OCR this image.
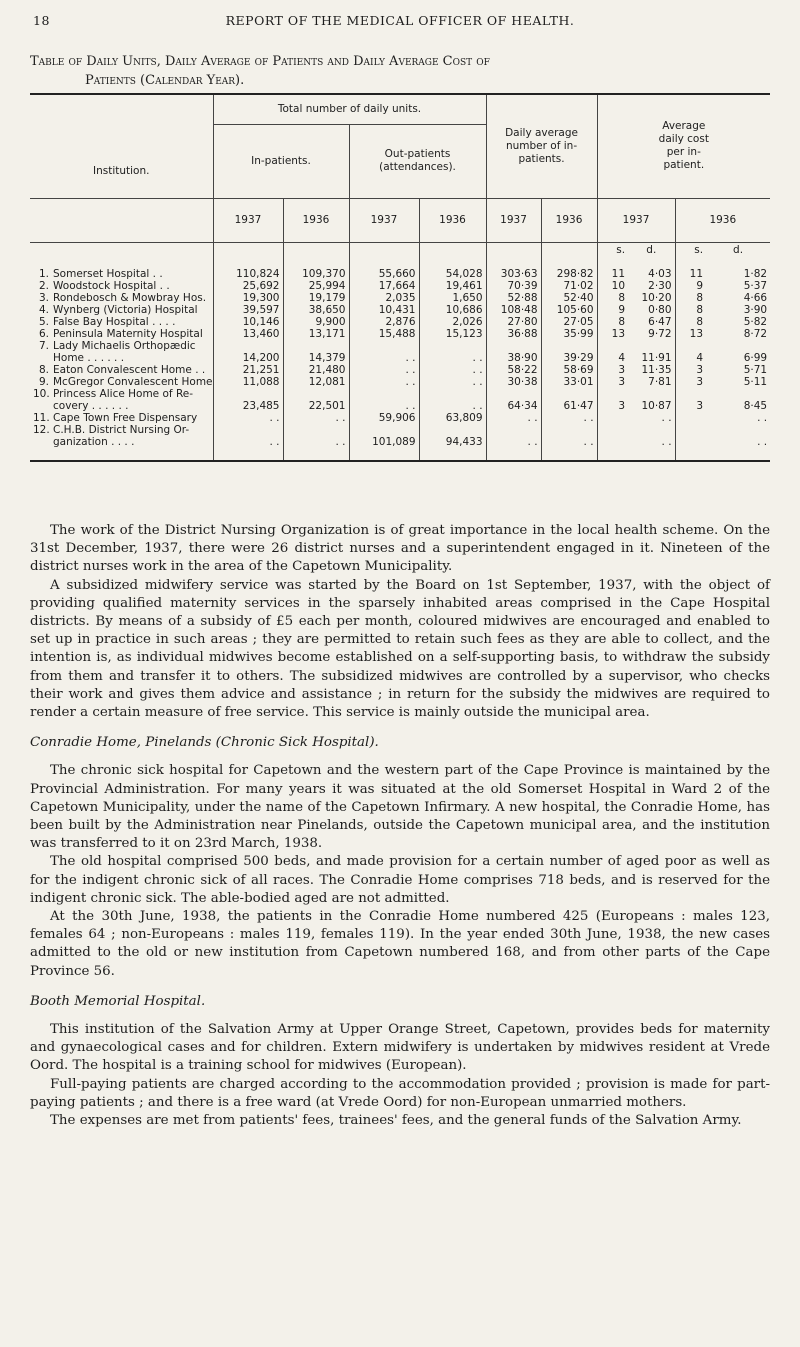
18	REPORT OF THE MEDICAL OFFICER OF HEALTH.
Table of Daily Units, Daily Average of Patients and Daily Average Cost of
Patients (Calendar Year).
Institution.	Total number of daily units.				Daily average number of in-patients.		Average daily cost per in-patient.			
	In-patients.		Out-patients (attendances).							
	1937	1936	1937	1936	1937	1936	1937		1936	
							s.	d.	s.	d.

1. Somerset Hospital . .	110,824	109,370	55,660	54,028	303·63	298·82	11	4·03	11	1·82
2. Woodstock Hospital . .	25,692	25,994	17,664	19,461	70·39	71·02	10	2·30	9	5·37
3. Rondebosch & Mowbray Hos.	19,300	19,179	2,035	1,650	52·88	52·40	8	10·20	8	4·66
4. Wynberg (Victoria) Hospital	39,597	38,650	10,431	10,686	108·48	105·60	9	0·80	8	3·90
5. False Bay Hospital . . . .	10,146	9,900	2,876	2,026	27·80	27·05	8	6·47	8	5·82
6. Peninsula Maternity Hospital	13,460	13,171	15,488	15,123	36·88	35·99	13	9·72	13	8·72
7. Lady Michaelis Orthopædic										
Home . . . . . .	14,200	14,379	. .	. .	38·90	39·29	4	11·91	4	6·99
8. Eaton Convalescent Home . .	21,251	21,480	. .	. .	58·22	58·69	3	11·35	3	5·71
9. McGregor Convalescent Home	11,088	12,081	. .	. .	30·38	33·01	3	7·81	3	5·11
10. Princess Alice Home of Re-										
covery . . . . . .	23,485	22,501	. .	. .	64·34	61·47	3	10·87	3	8·45
11. Cape Town Free Dispensary	. .	. .	59,906	63,809	. .	. .		. .		. .
12. C.H.B. District Nursing Or-										
ganization . . . .	. .	. .	101,089	94,433	. .	. .		. .		. .

The work of the District Nursing Organization is of great importance in the local health scheme. On the 31st December, 1937, there were 26 district nurses and a superintendent engaged in it. Nineteen of the district nurses work in the area of the Capetown Municipality.

A subsidized midwifery service was started by the Board on 1st September, 1937, with the object of providing qualified maternity services in the sparsely inhabited areas comprised in the Cape Hospital districts. By means of a subsidy of £5 each per month, coloured midwives are encouraged and enabled to set up in practice in such areas ; they are permitted to retain such fees as they are able to collect, and the intention is, as individual midwives become established on a self-supporting basis, to withdraw the subsidy from them and transfer it to others. The subsidized midwives are controlled by a supervisor, who checks their work and gives them advice and assistance ; in return for the subsidy the midwives are required to render a certain measure of free service. This service is mainly outside the municipal area.

Conradie Home, Pinelands (Chronic Sick Hospital).

The chronic sick hospital for Capetown and the western part of the Cape Province is maintained by the Provincial Administration. For many years it was situated at the old Somerset Hospital in Ward 2 of the Capetown Municipality, under the name of the Capetown Infirmary. A new hospital, the Conradie Home, has been built by the Administration near Pinelands, outside the Capetown municipal area, and the institution was transferred to it on 23rd March, 1938.

The old hospital comprised 500 beds, and made provision for a certain number of aged poor as well as for the indigent chronic sick of all races. The Conradie Home comprises 718 beds, and is reserved for the indigent chronic sick. The able-bodied aged are not admitted.

At the 30th June, 1938, the patients in the Conradie Home numbered 425 (Europeans : males 123, females 64 ; non-Europeans : males 119, females 119). In the year ended 30th June, 1938, the new cases admitted to the old or new institution from Capetown numbered 168, and from other parts of the Cape Province 56.

Booth Memorial Hospital.

This institution of the Salvation Army at Upper Orange Street, Capetown, provides beds for maternity and gynaecological cases and for children. Extern midwifery is undertaken by midwives resident at Vrede Oord. The hospital is a training school for midwives (European).

Full-paying patients are charged according to the accommodation provided ; provision is made for part-paying patients ; and there is a free ward (at Vrede Oord) for non-European unmarried mothers.

The expenses are met from patients' fees, trainees' fees, and the general funds of the Salvation Army.
